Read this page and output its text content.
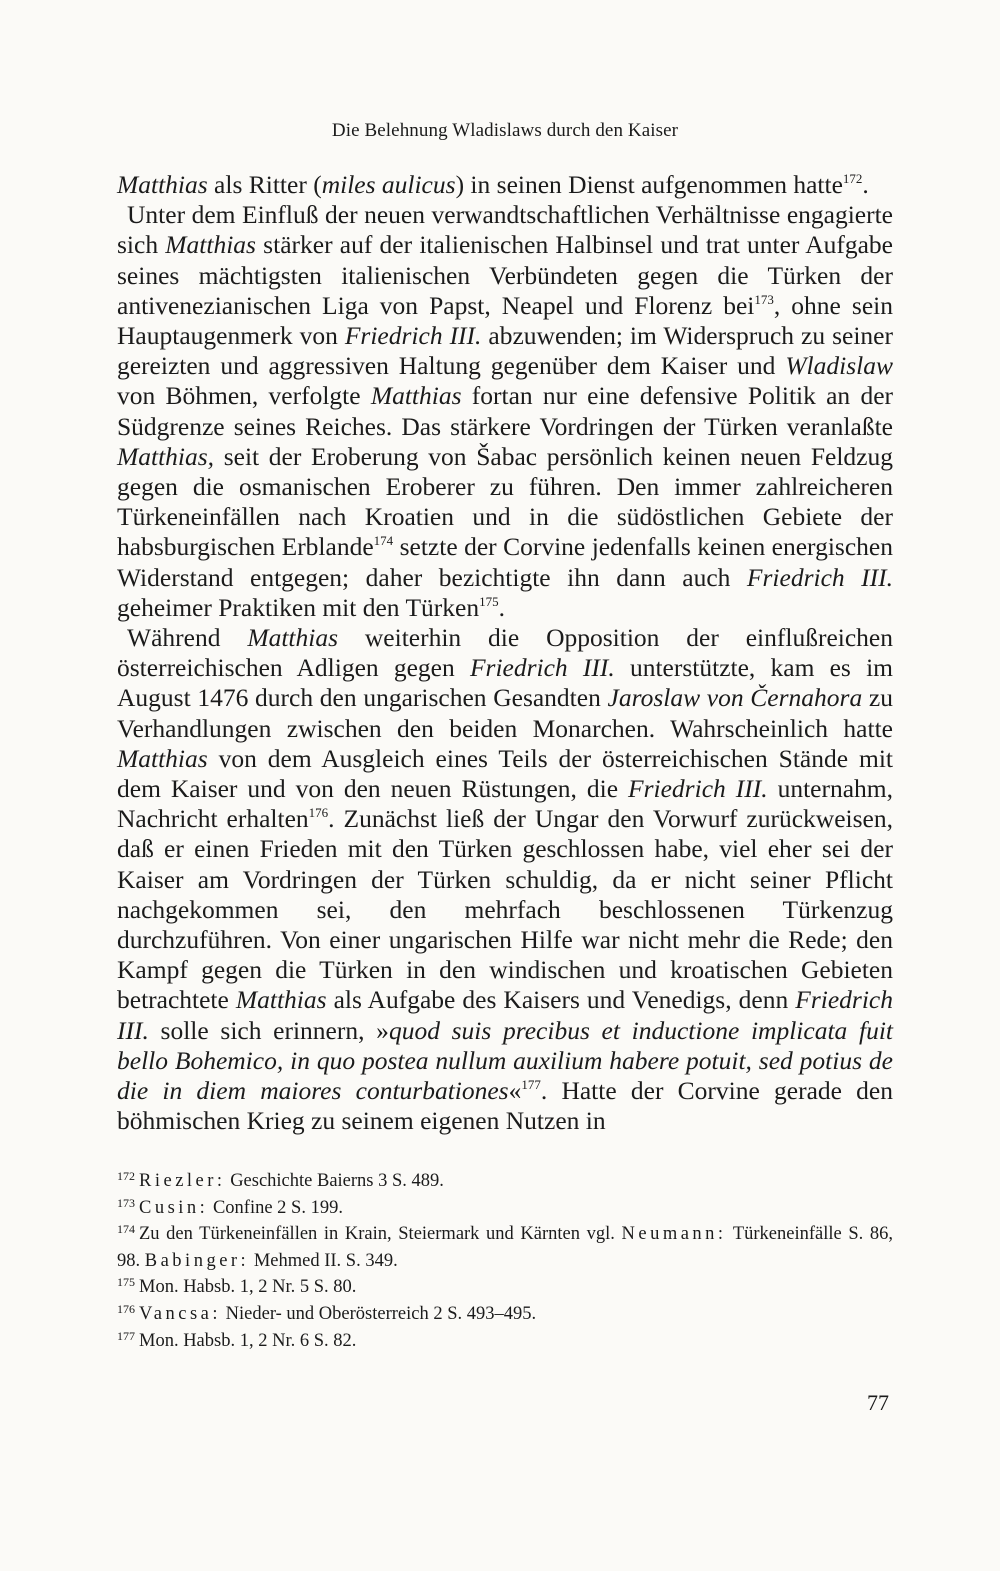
Die Belehnung Wladislaws durch den Kaiser

Matthias als Ritter (miles aulicus) in seinen Dienst aufgenommen hatte$^{172}$.

Unter dem Einfluß der neuen verwandtschaftlichen Verhältnisse engagierte sich Matthias stärker auf der italienischen Halbinsel und trat unter Aufgabe seines mächtigsten italienischen Verbündeten gegen die Türken der antivenezianischen Liga von Papst, Neapel und Florenz bei$^{173}$, ohne sein Hauptaugenmerk von Friedrich III. abzuwenden; im Widerspruch zu seiner gereizten und aggressiven Haltung gegenüber dem Kaiser und Wladislaw von Böhmen, verfolgte Matthias fortan nur eine defensive Politik an der Südgrenze seines Reiches. Das stärkere Vordringen der Türken veranlaßte Matthias, seit der Eroberung von Šabac persönlich keinen neuen Feldzug gegen die osmanischen Eroberer zu führen. Den immer zahlreicheren Türkeneinfällen nach Kroatien und in die südöstlichen Gebiete der habsburgischen Erblande$^{174}$ setzte der Corvine jedenfalls keinen energischen Widerstand entgegen; daher bezichtigte ihn dann auch Friedrich III. geheimer Praktiken mit den Türken$^{175}$.

Während Matthias weiterhin die Opposition der einflußreichen österreichischen Adligen gegen Friedrich III. unterstützte, kam es im August 1476 durch den ungarischen Gesandten Jaroslaw von Černahora zu Verhandlungen zwischen den beiden Monarchen. Wahrscheinlich hatte Matthias von dem Ausgleich eines Teils der österreichischen Stände mit dem Kaiser und von den neuen Rüstungen, die Friedrich III. unternahm, Nachricht erhalten$^{176}$. Zunächst ließ der Ungar den Vorwurf zurückweisen, daß er einen Frieden mit den Türken geschlossen habe, viel eher sei der Kaiser am Vordringen der Türken schuldig, da er nicht seiner Pflicht nachgekommen sei, den mehrfach beschlossenen Türkenzug durchzuführen. Von einer ungarischen Hilfe war nicht mehr die Rede; den Kampf gegen die Türken in den windischen und kroatischen Gebieten betrachtete Matthias als Aufgabe des Kaisers und Venedigs, denn Friedrich III. solle sich erinnern, »quod suis precibus et inductione implicata fuit bello Bohemico, in quo postea nullum auxilium habere potuit, sed potius de die in diem maiores conturbationes«$^{177}$. Hatte der Corvine gerade den böhmischen Krieg zu seinem eigenen Nutzen in

$^{172}$ Riezler: Geschichte Baierns 3 S. 489.

$^{173}$ Cusin: Confine 2 S. 199.

$^{174}$ Zu den Türkeneinfällen in Krain, Steiermark und Kärnten vgl. Neumann: Türkeneinfälle S. 86, 98. Babinger: Mehmed II. S. 349.

$^{175}$ Mon. Habsb. 1, 2 Nr. 5 S. 80.

$^{176}$ Vancsa: Nieder- und Oberösterreich 2 S. 493–495.

$^{177}$ Mon. Habsb. 1, 2 Nr. 6 S. 82.

77
